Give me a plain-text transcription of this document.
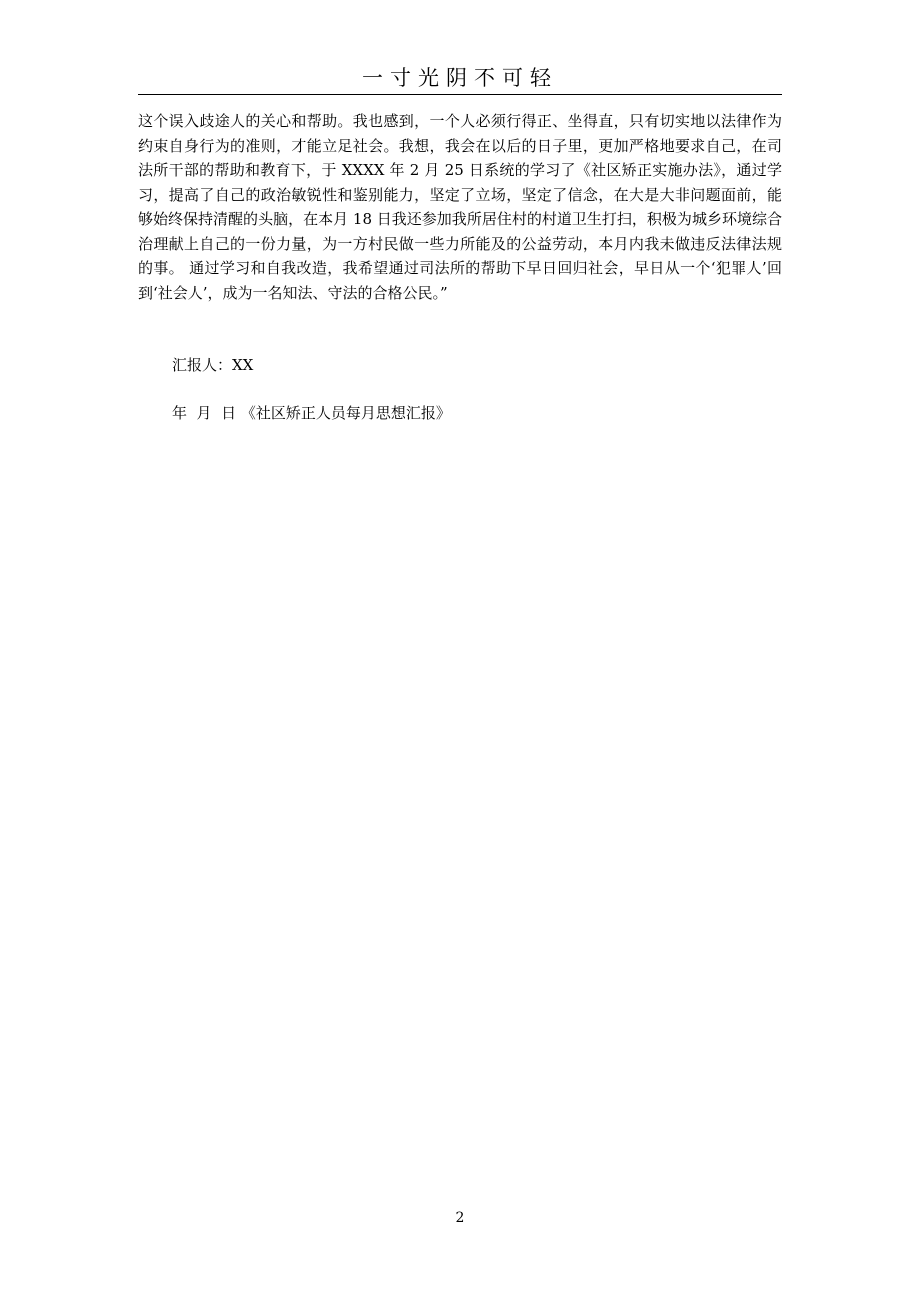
一寸光阴不可轻

这个误入歧途人的关心和帮助。我也感到，一个人必须行得正、坐得直，只有切实地以法律作为约束自身行为的准则，才能立足社会。我想，我会在以后的日子里，更加严格地要求自己，在司法所干部的帮助和教育下，于 XXXX 年 2 月 25 日系统的学习了《社区矫正实施办法》，通过学习，提高了自己的政治敏锐性和鉴别能力，坚定了立场，坚定了信念，在大是大非问题面前，能够始终保持清醒的头脑，在本月 18 日我还参加我所居住村的村道卫生打扫，积极为城乡环境综合治理献上自己的一份力量，为一方村民做一些力所能及的公益劳动，本月内我未做违反法律法规的事。 通过学习和自我改造，我希望通过司法所的帮助下早日回归社会，早日从一个‘犯罪人’回到‘社会人’，成为一名知法、守法的合格公民。”

汇报人：XX

年  月  日 《社区矫正人员每月思想汇报》

2
